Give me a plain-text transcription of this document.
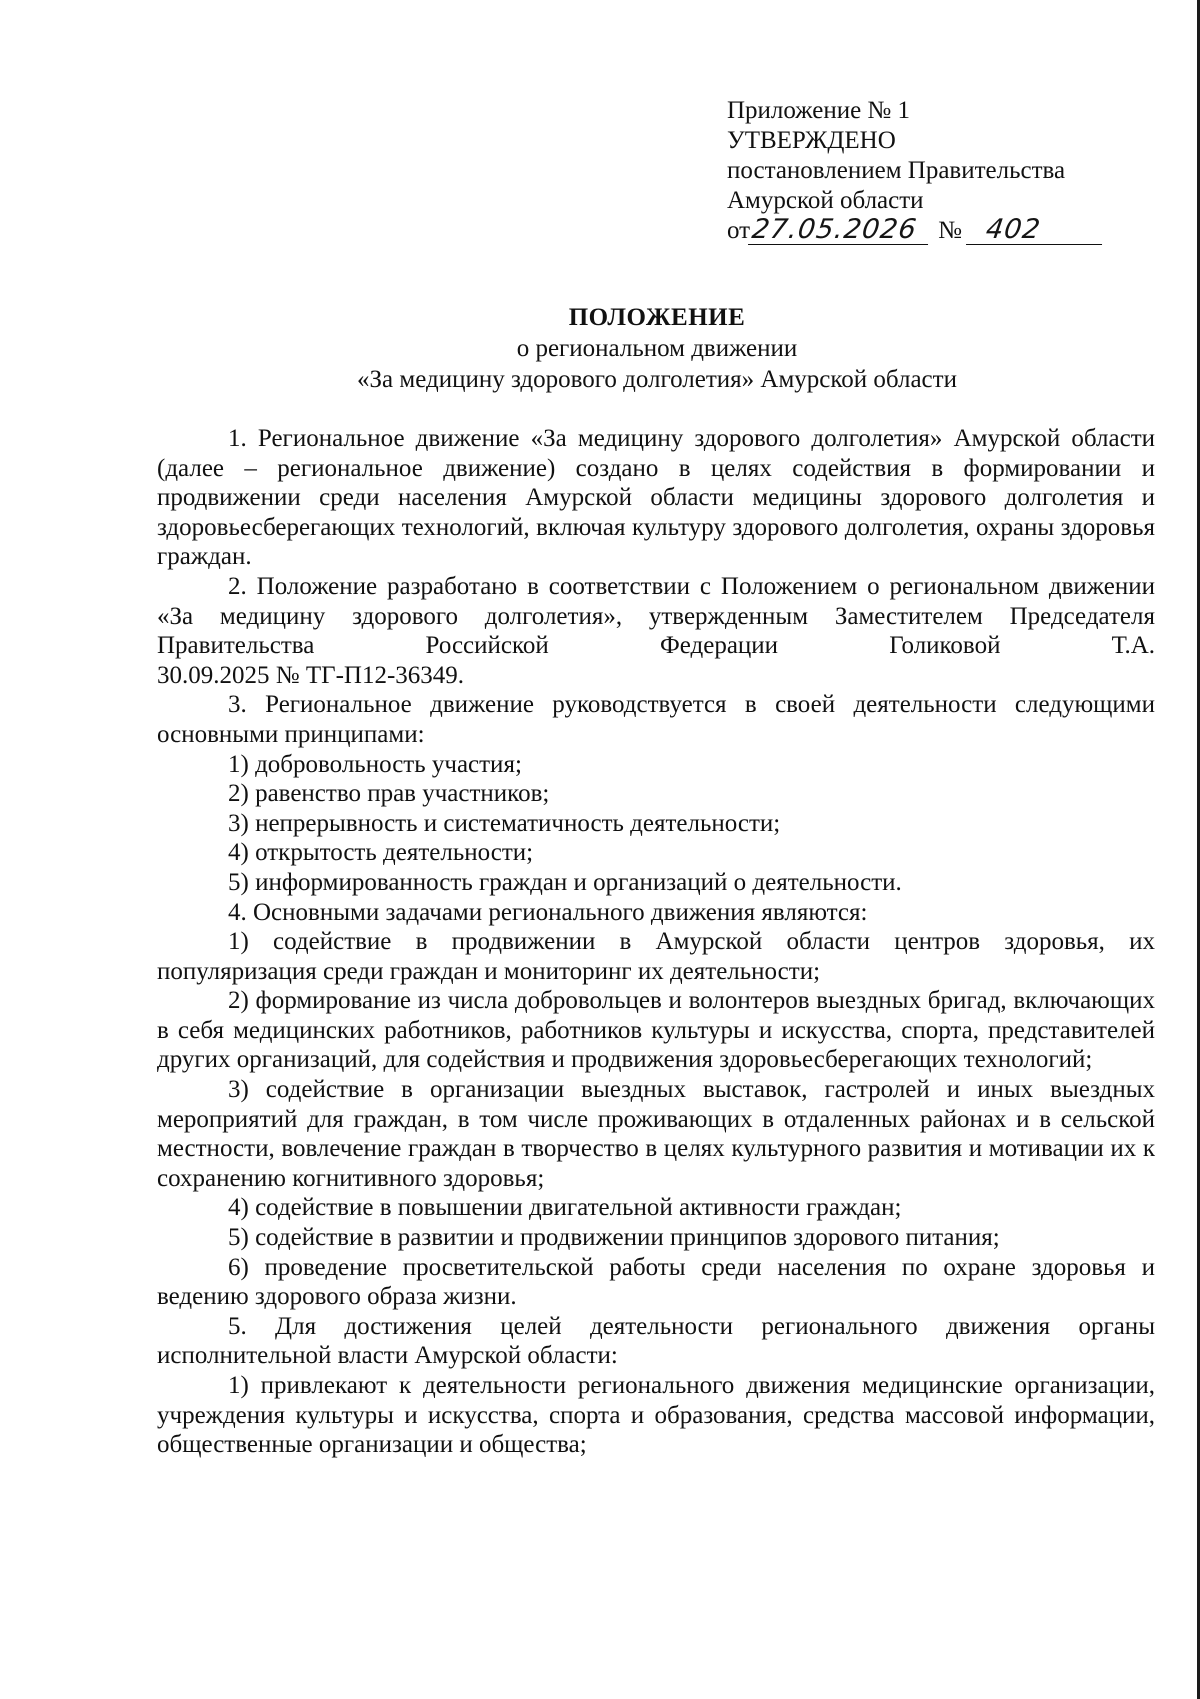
Приложение № 1
УТВЕРЖДЕНО
постановлением Правительства
Амурской области
от 27.05.2026 № 402
ПОЛОЖЕНИЕ
о региональном движении
«За медицину здорового долголетия» Амурской области

1. Региональное движение «За медицину здорового долголетия» Амурской области (далее – региональное движение) создано в целях содействия в формировании и продвижении среди населения Амурской области медицины здорового долголетия и здоровьесберегающих технологий, включая культуру здорового долголетия, охраны здоровья граждан.

2. Положение разработано в соответствии с Положением о региональном движении «За медицину здорового долголетия», утвержденным Заместителем Председателя Правительства Российской Федерации Голиковой Т.А.

30.09.2025 № ТГ-П12-36349.

3. Региональное движение руководствуется в своей деятельности следующими основными принципами:

1) добровольность участия;

2) равенство прав участников;

3) непрерывность и систематичность деятельности;

4) открытость деятельности;

5) информированность граждан и организаций о деятельности.

4. Основными задачами регионального движения являются:

1) содействие в продвижении в Амурской области центров здоровья, их популяризация среди граждан и мониторинг их деятельности;

2) формирование из числа добровольцев и волонтеров выездных бригад, включающих в себя медицинских работников, работников культуры и искусства, спорта, представителей других организаций, для содействия и продвижения здоровьесберегающих технологий;

3) содействие в организации выездных выставок, гастролей и иных выездных мероприятий для граждан, в том числе проживающих в отдаленных районах и в сельской местности, вовлечение граждан в творчество в целях культурного развития и мотивации их к сохранению когнитивного здоровья;

4) содействие в повышении двигательной активности граждан;

5) содействие в развитии и продвижении принципов здорового питания;

6) проведение просветительской работы среди населения по охране здоровья и ведению здорового образа жизни.

5. Для достижения целей деятельности регионального движения органы исполнительной власти Амурской области:

1) привлекают к деятельности регионального движения медицинские организации, учреждения культуры и искусства, спорта и образования, средства массовой информации, общественные организации и общества;
